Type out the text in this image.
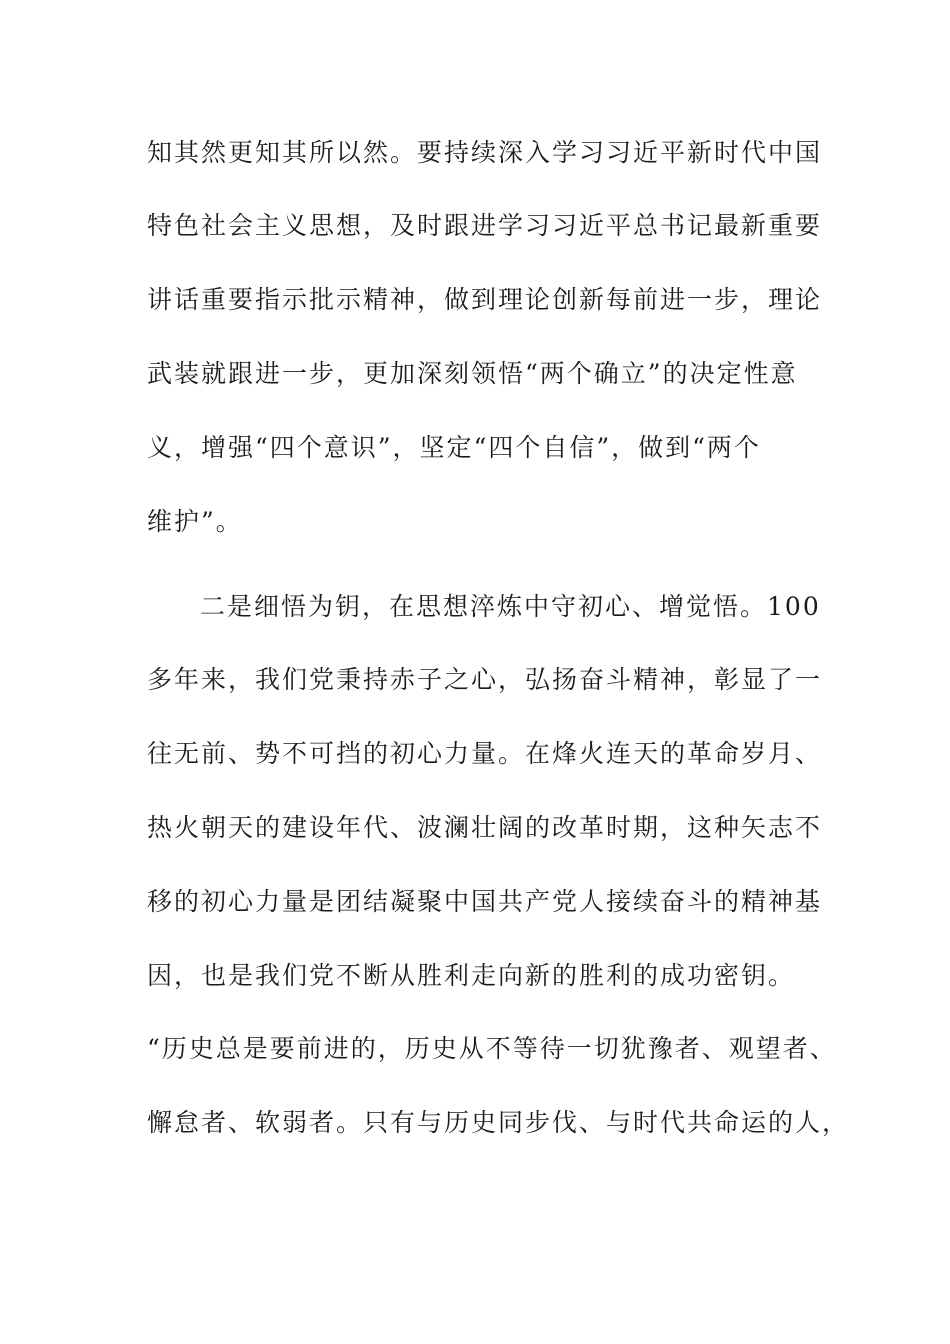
知其然更知其所以然。要持续深入学习习近平新时代中国
特色社会主义思想，及时跟进学习习近平总书记最新重要
讲话重要指示批示精神，做到理论创新每前进一步，理论
武装就跟进一步，更加深刻领悟“两个确立”的决定性意
义，增强“四个意识”，坚定“四个自信”，做到“两个
维护”。
二是细悟为钥，在思想淬炼中守初心、增觉悟。100
多年来，我们党秉持赤子之心，弘扬奋斗精神，彰显了一
往无前、势不可挡的初心力量。在烽火连天的革命岁月、
热火朝天的建设年代、波澜壮阔的改革时期，这种矢志不
移的初心力量是团结凝聚中国共产党人接续奋斗的精神基
因，也是我们党不断从胜利走向新的胜利的成功密钥。
“历史总是要前进的，历史从不等待一切犹豫者、观望者、
懈怠者、软弱者。只有与历史同步伐、与时代共命运的人，
